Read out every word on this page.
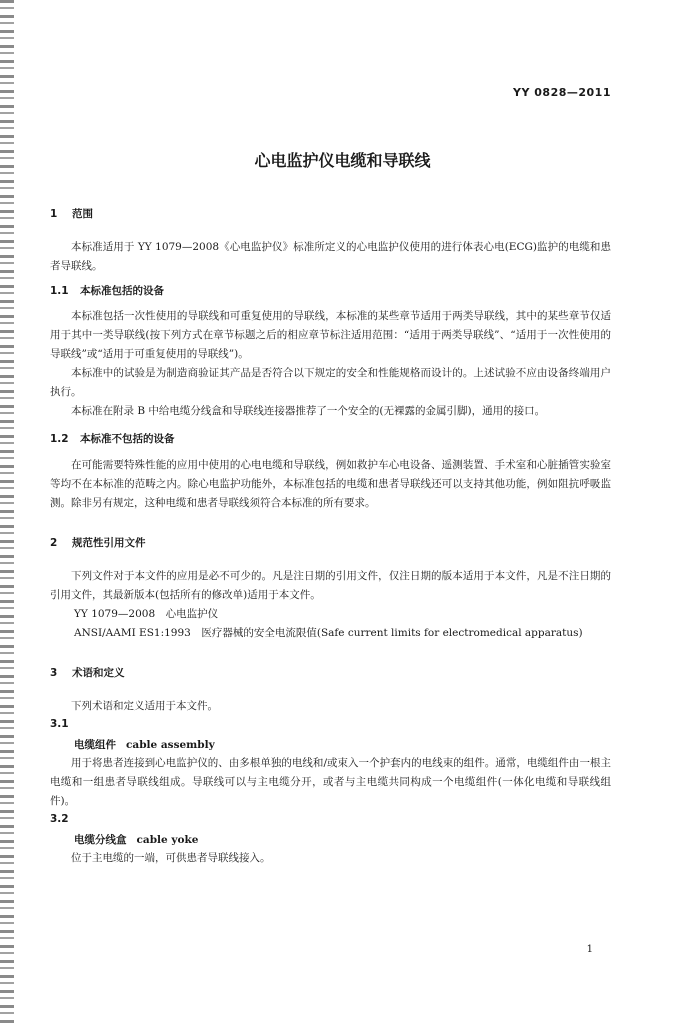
YY 0828—2011
心电监护仪电缆和导联线
1 范围

本标准适用于 YY 1079—2008《心电监护仪》标准所定义的心电监护仪使用的进行体表心电(ECG)监护的电缆和患者导联线。

1.1 本标准包括的设备

本标准包括一次性使用的导联线和可重复使用的导联线，本标准的某些章节适用于两类导联线，其中的某些章节仅适用于其中一类导联线(按下列方式在章节标题之后的相应章节标注适用范围：“适用于两类导联线”、“适用于一次性使用的导联线”或“适用于可重复使用的导联线”)。

本标准中的试验是为制造商验证其产品是否符合以下规定的安全和性能规格而设计的。上述试验不应由设备终端用户执行。

本标准在附录 B 中给电缆分线盒和导联线连接器推荐了一个安全的(无裸露的金属引脚)，通用的接口。

1.2 本标准不包括的设备

在可能需要特殊性能的应用中使用的心电电缆和导联线，例如救护车心电设备、遥测装置、手术室和心脏插管实验室等均不在本标准的范畴之内。除心电监护功能外，本标准包括的电缆和患者导联线还可以支持其他功能，例如阻抗呼吸监测。除非另有规定，这种电缆和患者导联线须符合本标准的所有要求。

2 规范性引用文件

下列文件对于本文件的应用是必不可少的。凡是注日期的引用文件，仅注日期的版本适用于本文件，凡是不注日期的引用文件，其最新版本(包括所有的修改单)适用于本文件。

YY 1079—2008　心电监护仪
ANSI/AAMI ES1:1993　医疗器械的安全电流限值(Safe current limits for electromedical apparatus)
3 术语和定义

下列术语和定义适用于本文件。

3.1
电缆组件 cable assembly

用于将患者连接到心电监护仪的、由多根单独的电线和/或束入一个护套内的电线束的组件。通常，电缆组件由一根主电缆和一组患者导联线组成。导联线可以与主电缆分开，或者与主电缆共同构成一个电缆组件(一体化电缆和导联线组件)。

3.2
电缆分线盒 cable yoke

位于主电缆的一端，可供患者导联线接入。

1
